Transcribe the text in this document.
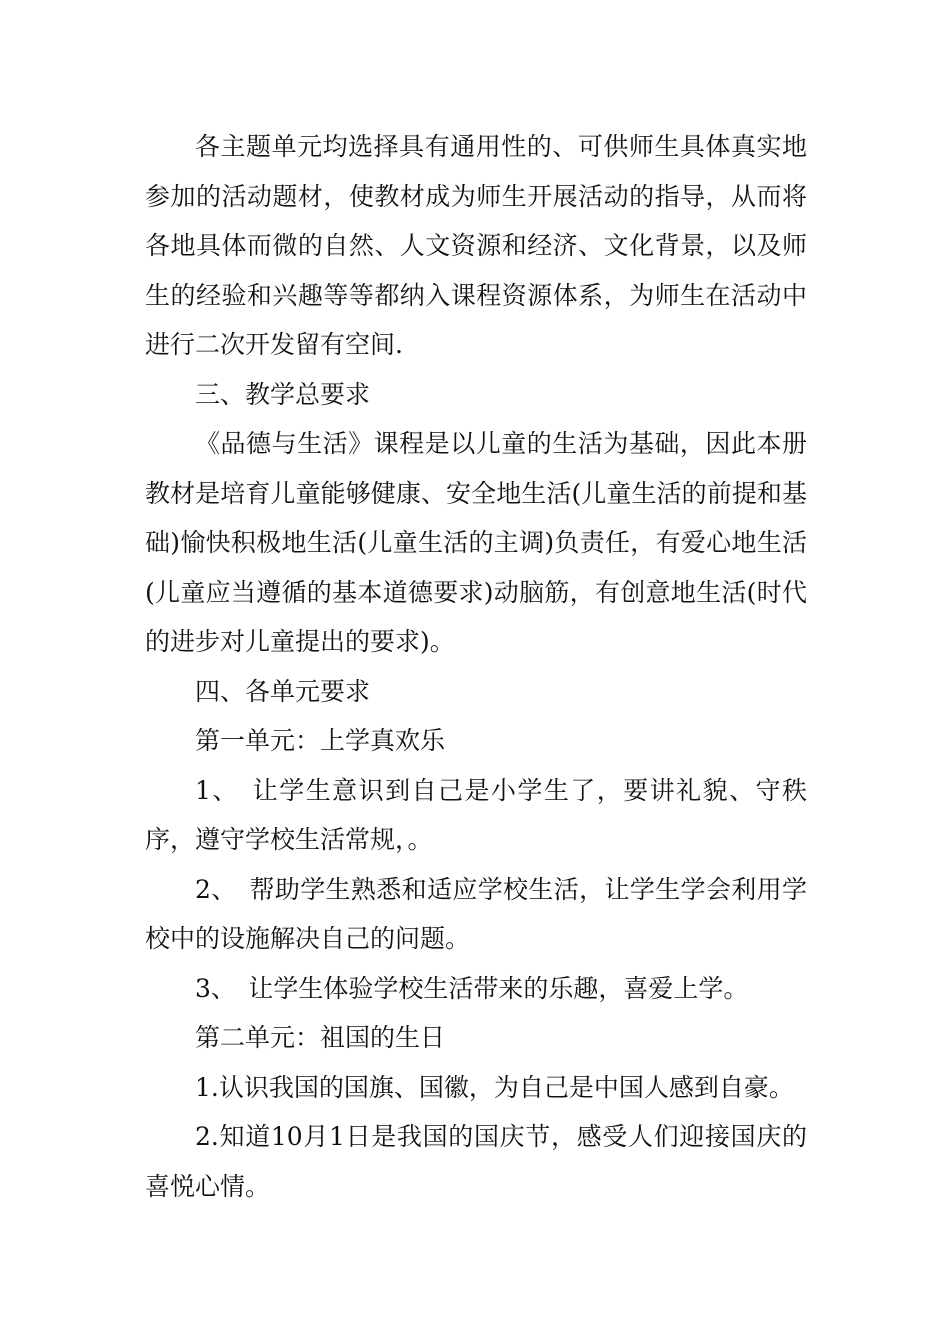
各主题单元均选择具有通用性的、可供师生具体真实地参加的活动题材，使教材成为师生开展活动的指导，从而将各地具体而微的自然、人文资源和经济、文化背景，以及师生的经验和兴趣等等都纳入课程资源体系，为师生在活动中进行二次开发留有空间.

三、教学总要求

《品德与生活》课程是以儿童的生活为基础，因此本册教材是培育儿童能够健康、安全地生活(儿童生活的前提和基础)愉快积极地生活(儿童生活的主调)负责任，有爱心地生活(儿童应当遵循的基本道德要求)动脑筋，有创意地生活(时代的进步对儿童提出的要求)。

四、各单元要求

第一单元：上学真欢乐

1、　让学生意识到自己是小学生了，要讲礼貌、守秩序，遵守学校生活常规，。

2、　帮助学生熟悉和适应学校生活，让学生学会利用学校中的设施解决自己的问题。

3、　让学生体验学校生活带来的乐趣，喜爱上学。

第二单元：祖国的生日

1.认识我国的国旗、国徽，为自己是中国人感到自豪。

2.知道10月1日是我国的国庆节，感受人们迎接国庆的喜悦心情。
